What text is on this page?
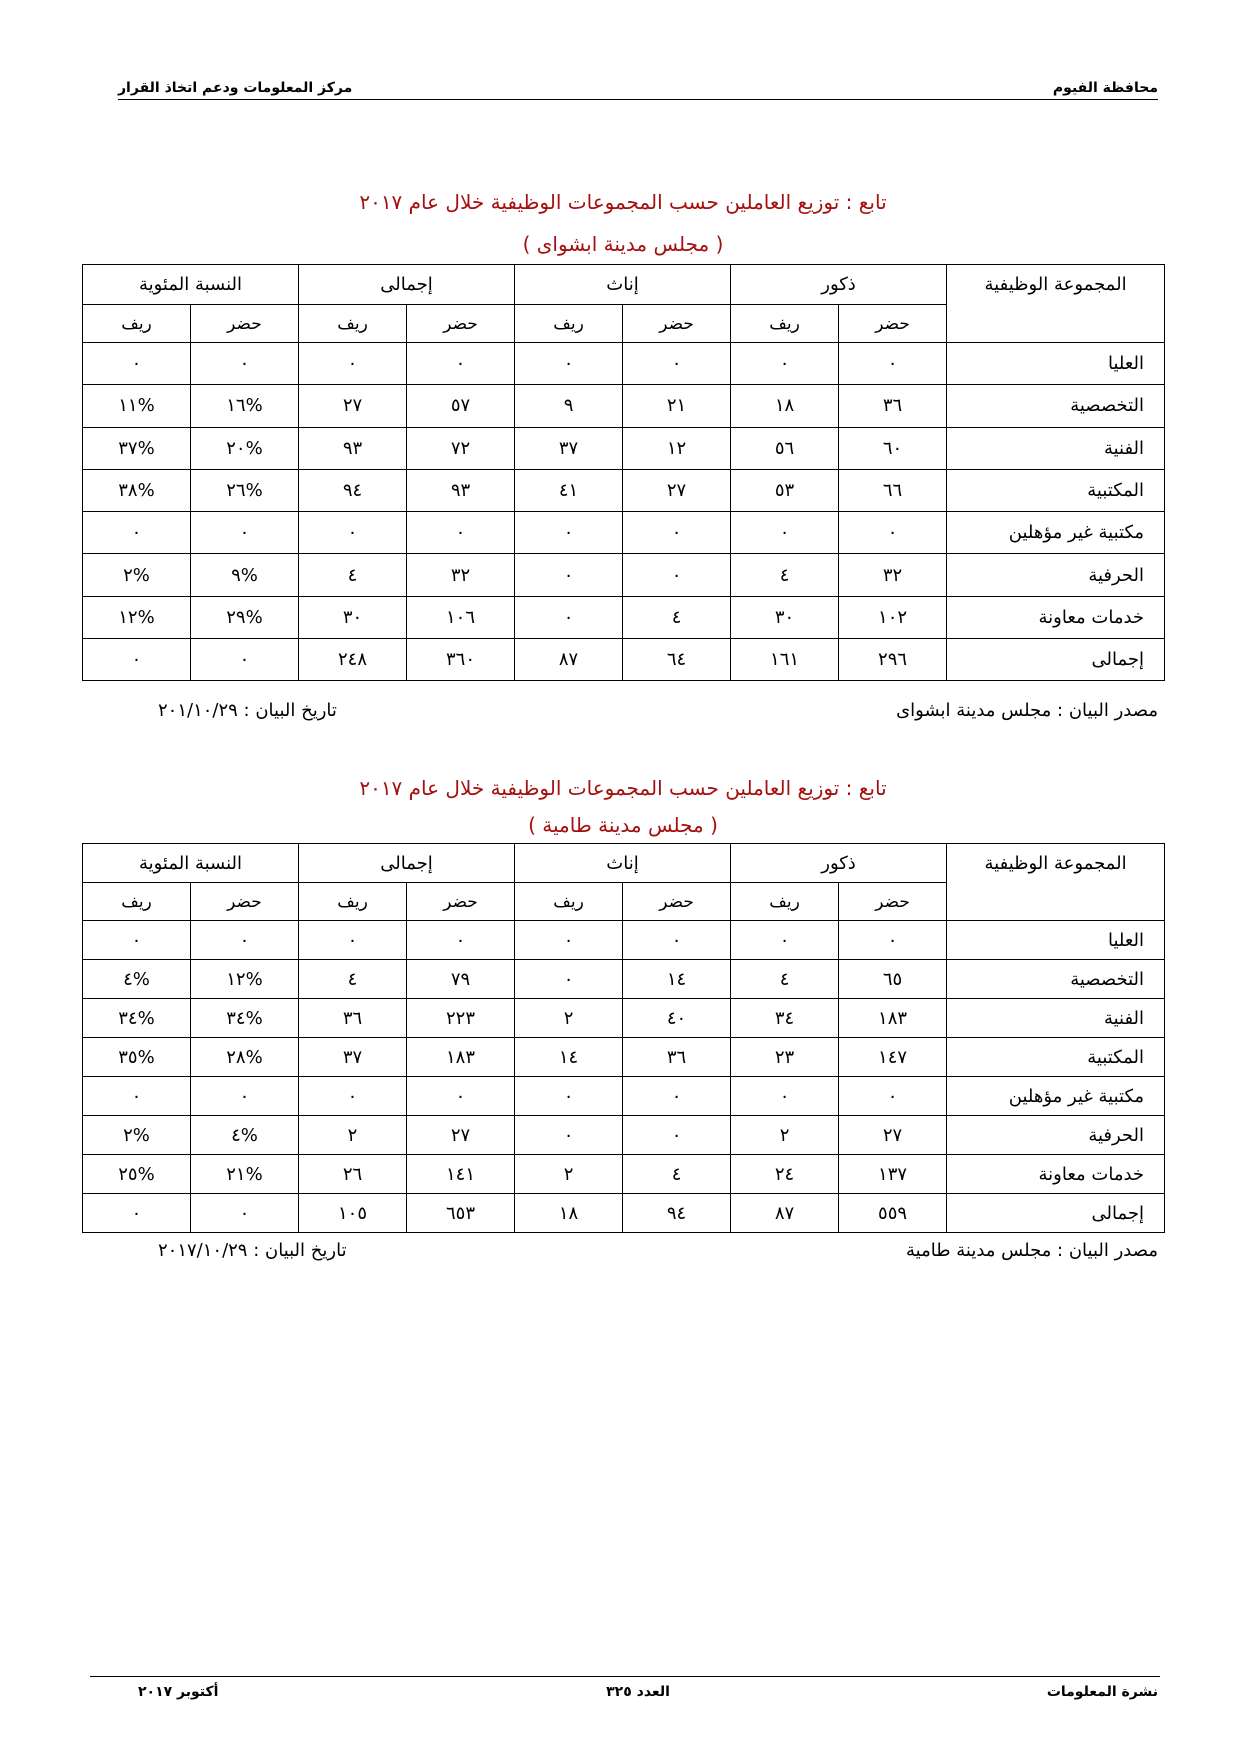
محافظة الفيوم
مركز المعلومات ودعم اتخاذ القرار
تابع : توزيع العاملين حسب المجموعات الوظيفية خلال عام ٢٠١٧
( مجلس مدينة ابشواى )
المجموعة الوظيفية	ذكور		إناث		إجمالى		النسبة المئوية	
	حضر	ريف	حضر	ريف	حضر	ريف	حضر	ريف
العليا	٠	٠	٠	٠	٠	٠	٠	٠
التخصصية	٣٦	١٨	٢١	٩	٥٧	٢٧	%١٦	%١١
الفنية	٦٠	٥٦	١٢	٣٧	٧٢	٩٣	%٢٠	%٣٧
المكتبية	٦٦	٥٣	٢٧	٤١	٩٣	٩٤	%٢٦	%٣٨
مكتبية غير مؤهلين	٠	٠	٠	٠	٠	٠	٠	٠
الحرفية	٣٢	٤	٠	٠	٣٢	٤	%٩	%٢
خدمات معاونة	١٠٢	٣٠	٤	٠	١٠٦	٣٠	%٢٩	%١٢
إجمالى	٢٩٦	١٦١	٦٤	٨٧	٣٦٠	٢٤٨	٠	٠
مصدر البيان : مجلس مدينة ابشواى
تاريخ البيان : ٢٠١/١٠/٢٩
تابع : توزيع العاملين حسب المجموعات الوظيفية خلال عام ٢٠١٧
( مجلس مدينة طامية )
المجموعة الوظيفية	ذكور		إناث		إجمالى		النسبة المئوية	
	حضر	ريف	حضر	ريف	حضر	ريف	حضر	ريف
العليا	٠	٠	٠	٠	٠	٠	٠	٠
التخصصية	٦٥	٤	١٤	٠	٧٩	٤	%١٢	%٤
الفنية	١٨٣	٣٤	٤٠	٢	٢٢٣	٣٦	%٣٤	%٣٤
المكتبية	١٤٧	٢٣	٣٦	١٤	١٨٣	٣٧	%٢٨	%٣٥
مكتبية غير مؤهلين	٠	٠	٠	٠	٠	٠	٠	٠
الحرفية	٢٧	٢	٠	٠	٢٧	٢	%٤	%٢
خدمات معاونة	١٣٧	٢٤	٤	٢	١٤١	٢٦	%٢١	%٢٥
إجمالى	٥٥٩	٨٧	٩٤	١٨	٦٥٣	١٠٥	٠	٠
مصدر البيان : مجلس مدينة طامية
تاريخ البيان : ٢٠١٧/١٠/٢٩
نشرة المعلومات
العدد ٣٢٥
أكتوبر ٢٠١٧
